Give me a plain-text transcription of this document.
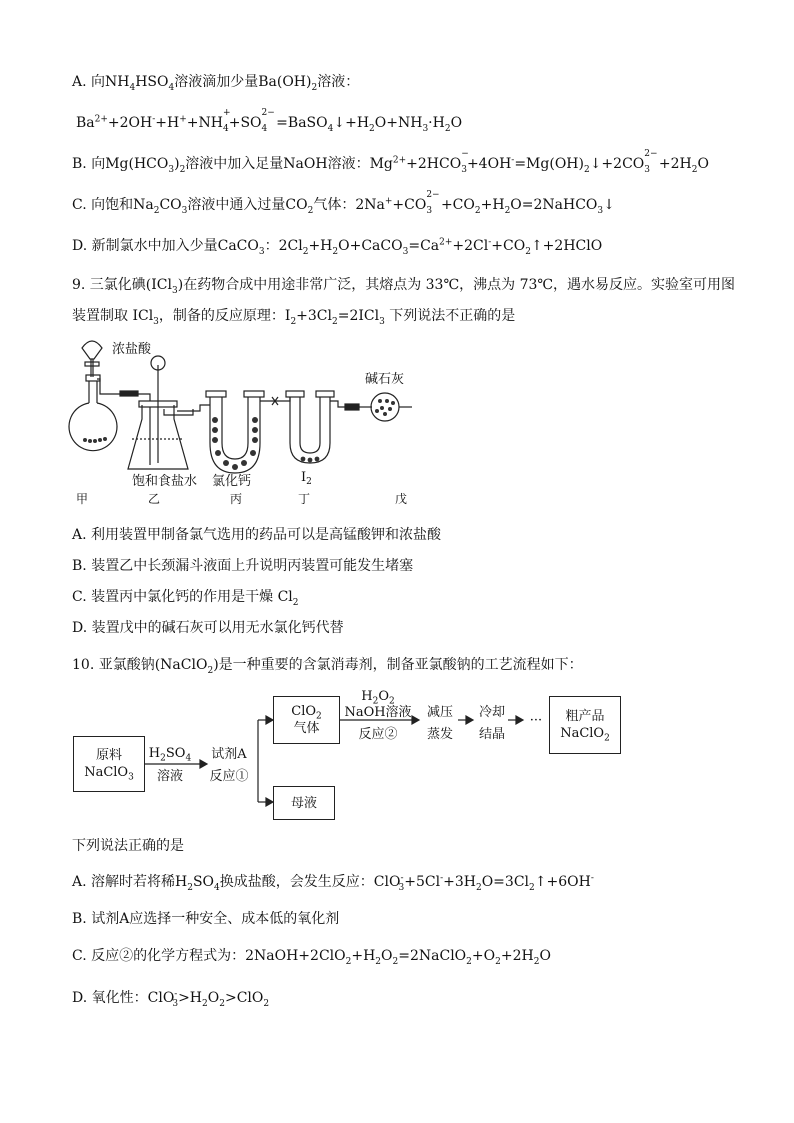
A. 向$NH_4HSO_4$溶液滴加少量$Ba(OH)_2$溶液：
$Ba^{2+}+2OH^-+H^++NH$
$_{+ 4}$+SO
$_{2- 4} =BaSO_4↓+H_2O+NH_3\cdot H_2O$
B. 向$Mg(HCO_3)_2$溶液中加入足量NaOH溶液：$Mg^{2+}+2HCO$
$_{- 3}+4OH^-=Mg(OH)_2↓+2CO$
$_{2- 3} +2H_2O$
C. 向饱和$Na_2CO_3$溶液中通入过量$CO_2$气体：2Na++CO
$_{2- 3} +CO_2+H_2O=2NaHCO_3↓$
D. 新制氯水中加入少量CaCO$_3$：$2Cl_2+H_2O+CaCO_3=Ca^{2+}+2Cl^-+CO_2↑+2HClO$
9. 三氯化碘(ICl$_3$)在药物合成中用途非常广泛，其熔点为 33℃，沸点为 73℃，遇水易反应。实验室可用图
装置制取 ICl$_3$，制备的反应原理：$I_2+3Cl_2=2ICl_3$ 下列说法不正确的是
浓盐酸
碱石灰
饱和食盐水 氯化钙	$I_2$
甲	乙	丙	丁	戊
A. 利用装置甲制备氯气选用的药品可以是高锰酸钾和浓盐酸
B. 装置乙中长颈漏斗液面上升说明丙装置可能发生堵塞
C. 装置丙中氯化钙的作用是干燥 $Cl_2$
D. 装置戊中的碱石灰可以用无水氯化钙代替
10. 亚氯酸钠(NaClO$_2$)是一种重要的含氯消毒剂，制备亚氯酸钠的工艺流程如下：
原料
NaClO$_3$
$H_2SO_4$
溶液
试剂A
反应①
ClO$_2$
气体
母液
$H_2O_2$
NaOH溶液
反应②
减压
蒸发
冷却
结晶
···	粗产品
NaClO$_2$
下列说法正确的是
A. 溶解时若将稀$H_2SO_4$换成盐酸，会发生反应：$ClO^-_3+5Cl^-+3H_2O=3Cl_2↑+6OH^-$
B. 试剂A应选择一种安全、成本低的氧化剂
C. 反应②的化学方程式为：$2NaOH+2ClO_2+H_2O_2=2NaClO_2+O_2+2H_2O$
D. 氧化性：$ClO^-_3>H_2O_2>ClO_2$
